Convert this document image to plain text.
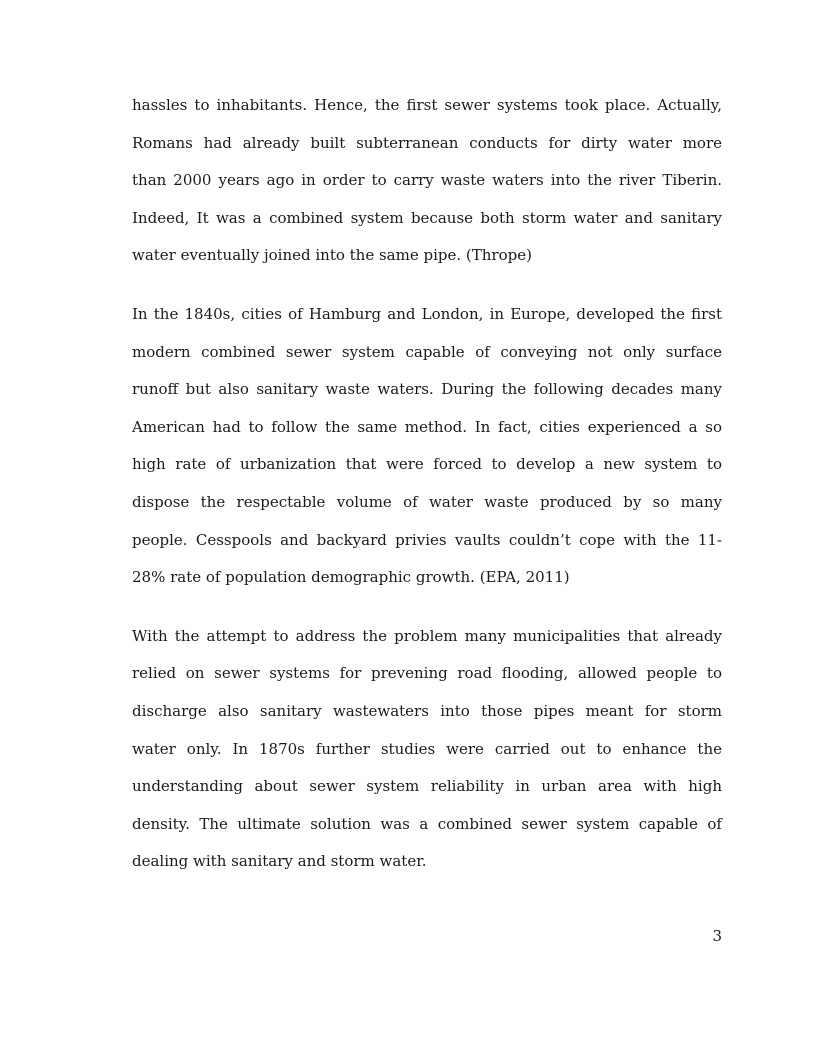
hassles to inhabitants. Hence, the first sewer systems took place. Actually,
Romans had already built subterranean conducts for dirty water more
than 2000 years ago in order to carry waste waters into the river Tiberin.
Indeed, It was a combined system because both storm water and sanitary
water eventually joined into the same pipe. (Thrope)

In the 1840s, cities of Hamburg and London, in Europe, developed the first
modern combined sewer system capable of conveying not only surface
runoff but also sanitary waste waters. During the following decades many
American had to follow the same method. In fact, cities experienced a so
high rate of urbanization that were forced to develop a new system to
dispose the respectable volume of water waste produced by so many
people. Cesspools and backyard privies vaults couldn’t cope with the 11-
28% rate of population demographic growth. (EPA, 2011)

With the attempt to address the problem many municipalities that already
relied on sewer systems for prevening road flooding, allowed people to
discharge also sanitary wastewaters into those pipes meant for storm
water only. In 1870s further studies were carried out to enhance the
understanding about sewer system reliability in urban area with high
density. The ultimate solution was a combined sewer system capable of
dealing with sanitary and storm water.

3
